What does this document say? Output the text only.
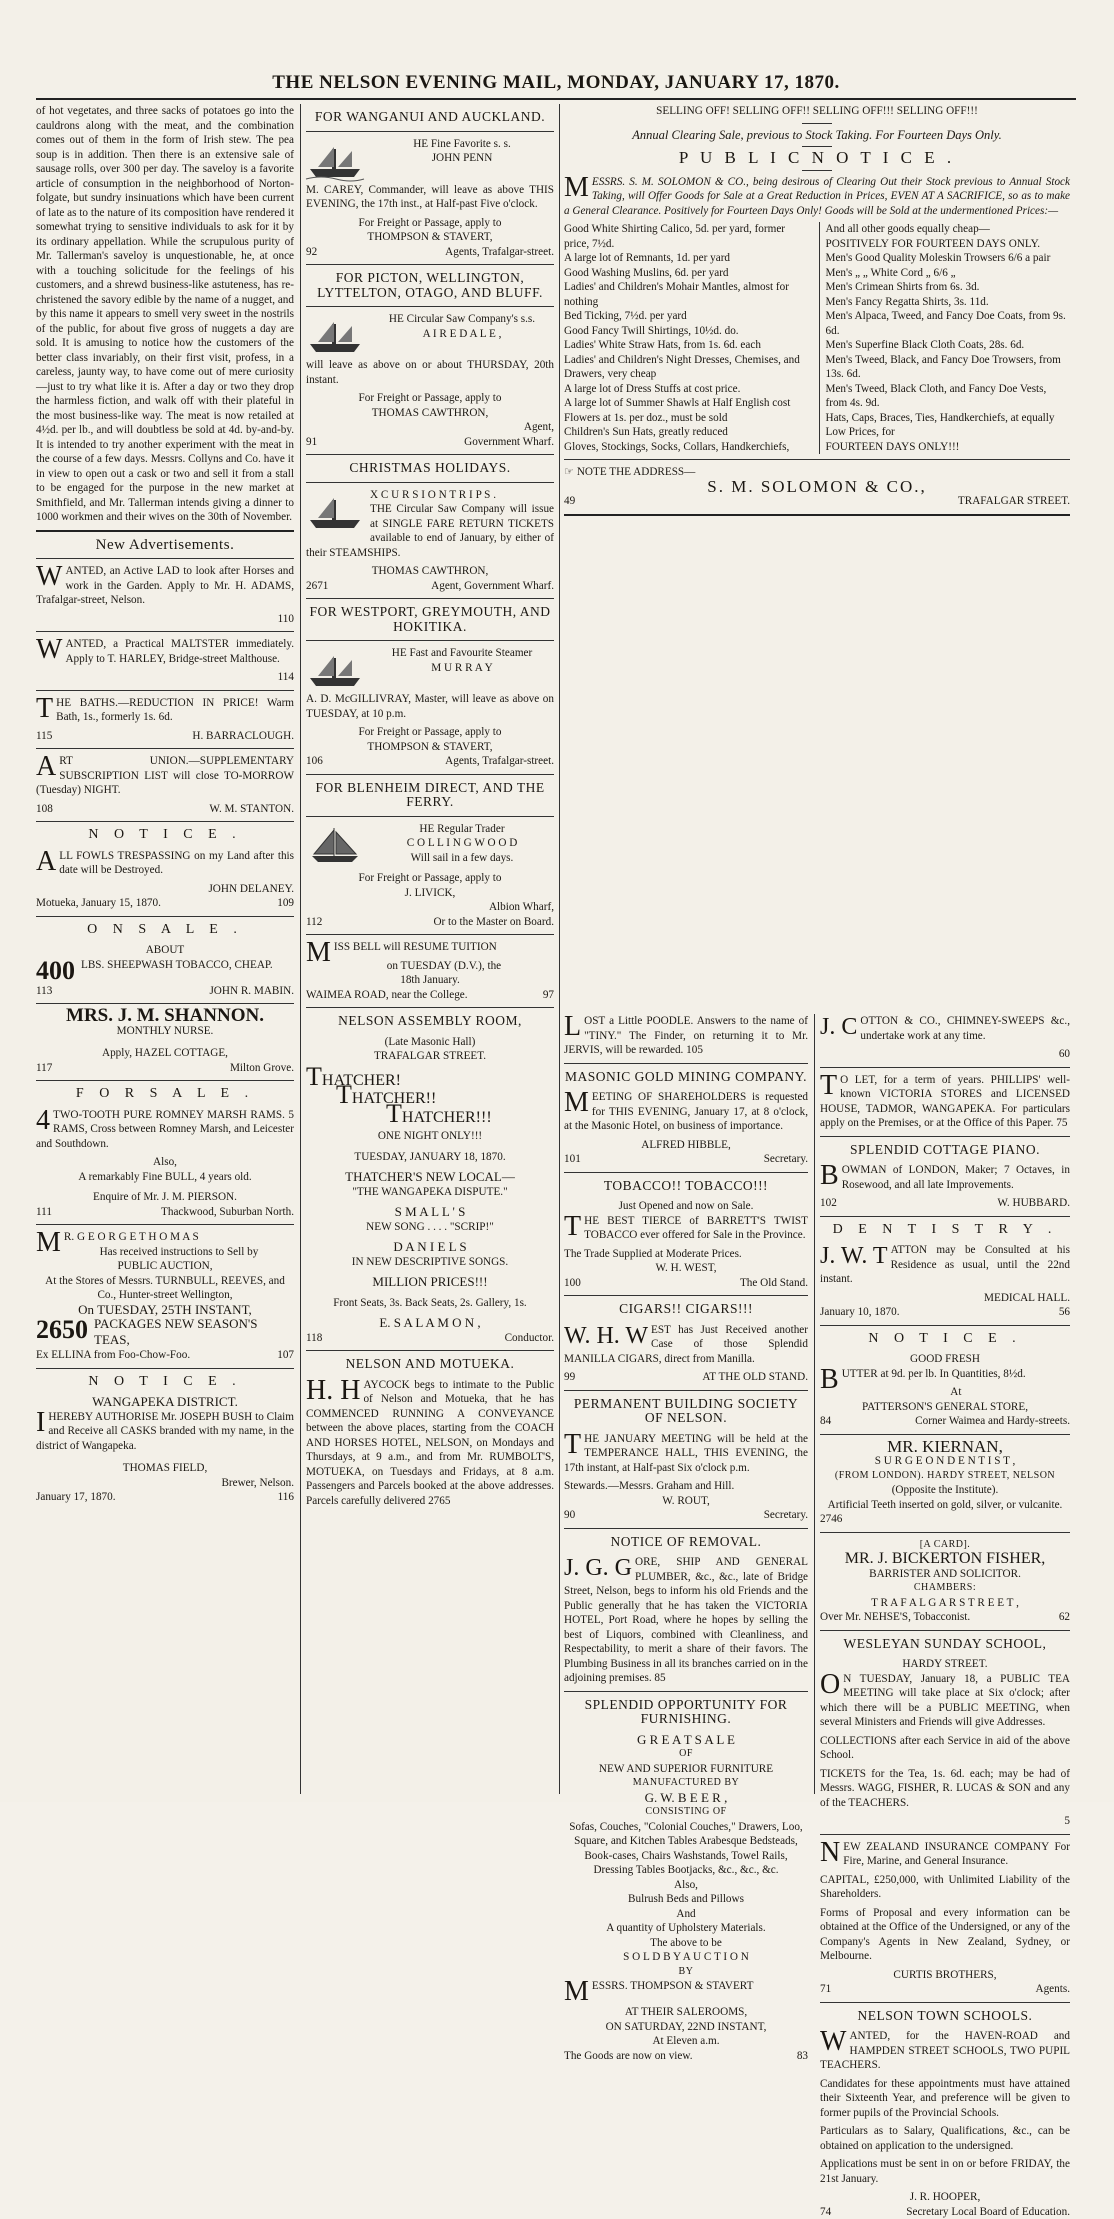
THE NELSON EVENING MAIL, MONDAY, JANUARY 17, 1870.

of hot vegetates, and three sacks of potatoes go into the cauldrons along with the meat, and the combination comes out of them in the form of Irish stew. The pea soup is in addition. Then there is an extensive sale of sausage rolls, over 300 per day. The saveloy is a favorite article of consumption in the neighborhood of Norton-folgate, but sundry insinuations which have been current of late as to the nature of its composition have rendered it somewhat trying to sensitive individuals to ask for it by its ordinary appellation. While the scrupulous purity of Mr. Tallerman's saveloy is unquestionable, he, at once with a touching solicitude for the feelings of his customers, and a shrewd business-like astuteness, has re-christened the savory edible by the name of a nugget, and by this name it appears to smell very sweet in the nostrils of the public, for about five gross of nuggets a day are sold. It is amusing to notice how the customers of the better class invariably, on their first visit, profess, in a careless, jaunty way, to have come out of mere curiosity—just to try what like it is. After a day or two they drop the harmless fiction, and walk off with their plateful in the most business-like way. The meat is now retailed at 4½d. per lb., and will doubtless be sold at 4d. by-and-by. It is intended to try another experiment with the meat in the course of a few days. Messrs. Collyns and Co. have it in view to open out a cask or two and sell it from a stall to be engaged for the purpose in the new market at Smithfield, and Mr. Tallerman intends giving a dinner to 1000 workmen and their wives on the 30th of November.

New Advertisements.

WANTED, an Active LAD to look after Horses and work in the Garden. Apply to Mr. H. ADAMS, Trafalgar-street, Nelson.

110

WANTED, a Practical MALTSTER immediately. Apply to T. HARLEY, Bridge-street Malthouse.

114

THE BATHS.—REDUCTION IN PRICE! Warm Bath, 1s., formerly 1s. 6d.

115	H. BARRACLOUGH.

ART UNION.—SUPPLEMENTARY SUBSCRIPTION LIST will close TO-MORROW (Tuesday) NIGHT.

108	W. M. STANTON.
N O T I C E .

ALL FOWLS TRESPASSING on my Land after this date will be Destroyed.

JOHN DELANEY.
Motueka, January 15, 1870.	109
O N S A L E .
ABOUT
400 LBS. SHEEPWASH TOBACCO, CHEAP.
113	JOHN R. MABIN.
MRS. J. M. SHANNON.
MONTHLY NURSE.
Apply, HAZEL COTTAGE,
117	Milton Grove.
F O R S A L E .

4 TWO-TOOTH PURE ROMNEY MARSH RAMS. 5 RAMS, Cross between Romney Marsh, and Leicester and Southdown.

Also,
A remarkably Fine BULL, 4 years old.
Enquire of Mr. J. M. PIERSON.
111	Thackwood, Suburban North.
M R. G E O R G E T H O M A S
Has received instructions to Sell by
PUBLIC AUCTION,
At the Stores of Messrs. TURNBULL, REEVES, and Co., Hunter-street Wellington,
On TUESDAY, 25TH INSTANT,
2650 PACKAGES NEW SEASON'S TEAS,
Ex ELLINA from Foo-Chow-Foo.	107
N O T I C E .
WANGAPEKA DISTRICT.

IHEREBY AUTHORISE Mr. JOSEPH BUSH to Claim and Receive all CASKS branded with my name, in the district of Wangapeka.

THOMAS FIELD,
Brewer, Nelson.
January 17, 1870.	116
FOR WANGANUI AND AUCKLAND.
HE Fine Favorite s. s.
JOHN PENN

M. CAREY, Commander, will leave as above THIS EVENING, the 17th inst., at Half-past Five o'clock.

For Freight or Passage, apply to
THOMPSON & STAVERT,
92	Agents, Trafalgar-street.
FOR PICTON, WELLINGTON, LYTTELTON, OTAGO, AND BLUFF.
HE Circular Saw Company's s.s.
A I R E D A L E ,

will leave as above on or about THURSDAY, 20th instant.

For Freight or Passage, apply to
THOMAS CAWTHRON,
Agent,
91	Government Wharf.
CHRISTMAS HOLIDAYS.
X C U R S I O N T R I P S .

THE Circular Saw Company will issue at SINGLE FARE RETURN TICKETS available to end of January, by either of their STEAMSHIPS.

THOMAS CAWTHRON,
2671	Agent, Government Wharf.
FOR WESTPORT, GREYMOUTH, AND HOKITIKA.
HE Fast and Favourite Steamer
M U R R A Y

A. D. McGILLIVRAY, Master, will leave as above on TUESDAY, at 10 p.m.

For Freight or Passage, apply to
THOMPSON & STAVERT,
106	Agents, Trafalgar-street.
FOR BLENHEIM DIRECT, AND THE FERRY.
HE Regular Trader
C O L L I N G W O O D
Will sail in a few days.
For Freight or Passage, apply to
J. LIVICK,
Albion Wharf,
112	Or to the Master on Board.

MISS BELL will RESUME TUITION

on TUESDAY (D.V.), the
18th January.
WAIMEA ROAD, near the College.	97
NELSON ASSEMBLY ROOM,
(Late Masonic Hall)
TRAFALGAR STREET.
THATCHER!
THATCHER!!
THATCHER!!!
ONE NIGHT ONLY!!!
TUESDAY, JANUARY 18, 1870.
THATCHER'S NEW LOCAL—
"THE WANGAPEKA DISPUTE."
S M A L L ' S
NEW SONG . . . . "SCRIP!"
D A N I E L S
IN NEW DESCRIPTIVE SONGS.
MILLION PRICES!!!
Front Seats, 3s. Back Seats, 2s. Gallery, 1s.
E. S A L A M O N ,
118	Conductor.
NELSON AND MOTUEKA.

H. H AYCOCK begs to intimate to the Public of Nelson and Motueka, that he has COMMENCED RUNNING A CONVEYANCE between the above places, starting from the COACH AND HORSES HOTEL, NELSON, on Mondays and Thursdays, at 9 a.m., and from Mr. RUMBOLT'S, MOTUEKA, on Tuesdays and Fridays, at 8 a.m. Passengers and Parcels booked at the above addresses. Parcels carefully delivered 2765

SELLING OFF! SELLING OFF!! SELLING OFF!!! SELLING OFF!!!
Annual Clearing Sale, previous to Stock Taking. For Fourteen Days Only.
P U B L I C N O T I C E .

MESSRS. S. M. SOLOMON & CO., being desirous of Clearing Out their Stock previous to Annual Stock Taking, will Offer Goods for Sale at a Great Reduction in Prices, EVEN AT A SACRIFICE, so as to make a General Clearance. Positively for Fourteen Days Only! Goods will be Sold at the undermentioned Prices:—

Good White Shirting Calico, 5d. per yard, former price, 7½d.
A large lot of Remnants, 1d. per yard
Good Washing Muslins, 6d. per yard
Ladies' and Children's Mohair Mantles, almost for nothing
Bed Ticking, 7½d. per yard
Good Fancy Twill Shirtings, 10½d. do.
Ladies' White Straw Hats, from 1s. 6d. each
Ladies' and Children's Night Dresses, Chemises, and Drawers, very cheap
A large lot of Dress Stuffs at cost price.
A large lot of Summer Shawls at Half English cost
Flowers at 1s. per doz., must be sold
Children's Sun Hats, greatly reduced
Gloves, Stockings, Socks, Collars, Handkerchiefs,
And all other goods equally cheap—
POSITIVELY FOR FOURTEEN DAYS ONLY.
Men's Good Quality Moleskin Trowsers 6/6 a pair
Men's „ „ White Cord „ 6/6 „
Men's Crimean Shirts from 6s. 3d.
Men's Fancy Regatta Shirts, 3s. 11d.
Men's Alpaca, Tweed, and Fancy Doe Coats, from 9s. 6d.
Men's Superfine Black Cloth Coats, 28s. 6d.
Men's Tweed, Black, and Fancy Doe Trowsers, from 13s. 6d.
Men's Tweed, Black Cloth, and Fancy Doe Vests, from 4s. 9d.
Hats, Caps, Braces, Ties, Handkerchiefs, at equally Low Prices, for
FOURTEEN DAYS ONLY!!!
☞ NOTE THE ADDRESS—
S. M. SOLOMON & CO.,
49	TRAFALGAR STREET.

LOST a Little POODLE. Answers to the name of "TINY." The Finder, on returning it to Mr. JERVIS, will be rewarded. 105

MASONIC GOLD MINING COMPANY.

MEETING OF SHAREHOLDERS is requested for THIS EVENING, January 17, at 8 o'clock, at the Masonic Hotel, on business of importance.

ALFRED HIBBLE,
101	Secretary.
TOBACCO!! TOBACCO!!!
Just Opened and now on Sale.

THE BEST TIERCE of BARRETT'S TWIST TOBACCO ever offered for Sale in the Province.

The Trade Supplied at Moderate Prices.
W. H. WEST,
100	The Old Stand.
CIGARS!! CIGARS!!!

W. H. W EST has Just Received another Case of those Splendid MANILLA CIGARS, direct from Manilla.

99	AT THE OLD STAND.
PERMANENT BUILDING SOCIETY OF NELSON.

THE JANUARY MEETING will be held at the TEMPERANCE HALL, THIS EVENING, the 17th instant, at Half-past Six o'clock p.m.

Stewards.—Messrs. Graham and Hill.
W. ROUT,
90	Secretary.
NOTICE OF REMOVAL.

J. G. G ORE, SHIP AND GENERAL PLUMBER, &c., &c., late of Bridge Street, Nelson, begs to inform his old Friends and the Public generally that he has taken the VICTORIA HOTEL, Port Road, where he hopes by selling the best of Liquors, combined with Cleanliness, and Respectability, to merit a share of their favors. The Plumbing Business in all its branches carried on in the adjoining premises. 85

SPLENDID OPPORTUNITY FOR FURNISHING.
G R E A T S A L E
OF
NEW AND SUPERIOR FURNITURE
MANUFACTURED BY
G. W. B E E R ,
CONSISTING OF
Sofas, Couches, "Colonial Couches," Drawers, Loo, Square, and Kitchen Tables Arabesque Bedsteads, Book-cases, Chairs Washstands, Towel Rails, Dressing Tables Bootjacks, &c., &c., &c.
Also,
Bulrush Beds and Pillows
And
A quantity of Upholstery Materials.
The above to be
S O L D B Y A U C T I O N
BY
MESSRS. THOMPSON & STAVERT
AT THEIR SALEROOMS,
ON SATURDAY, 22ND INSTANT,
At Eleven a.m.
The Goods are now on view.	83

J. C OTTON & CO., CHIMNEY-SWEEPS &c., undertake work at any time.

60

T O LET, for a term of years. PHILLIPS' well-known VICTORIA STORES and LICENSED HOUSE, TADMOR, WANGAPEKA. For particulars apply on the Premises, or at the Office of this Paper. 75

SPLENDID COTTAGE PIANO.

BOWMAN of LONDON, Maker; 7 Octaves, in Rosewood, and all late Improvements.

102	W. HUBBARD.
D E N T I S T R Y .

J. W. T ATTON may be Consulted at his Residence as usual, until the 22nd instant.

MEDICAL HALL.
January 10, 1870.	56
N O T I C E .
GOOD FRESH

BUTTER at 9d. per lb. In Quantities, 8½d.

At
PATTERSON'S GENERAL STORE,
84	Corner Waimea and Hardy-streets.
MR. KIERNAN,
S U R G E O N D E N T I S T ,
(FROM LONDON). HARDY STREET, NELSON
(Opposite the Institute).
Artificial Teeth inserted on gold, silver, or vulcanite.
2746
[A CARD].
MR. J. BICKERTON FISHER,
BARRISTER AND SOLICITOR.
CHAMBERS:
T R A F A L G A R S T R E E T ,
Over Mr. NEHSE'S, Tobacconist.	62
WESLEYAN SUNDAY SCHOOL,
HARDY STREET.

O N TUESDAY, January 18, a PUBLIC TEA MEETING will take place at Six o'clock; after which there will be a PUBLIC MEETING, when several Ministers and Friends will give Addresses.

COLLECTIONS after each Service in aid of the above School.

TICKETS for the Tea, 1s. 6d. each; may be had of Messrs. WAGG, FISHER, R. LUCAS & SON and any of the TEACHERS.

5

NEW ZEALAND INSURANCE COMPANY For Fire, Marine, and General Insurance.

CAPITAL, £250,000, with Unlimited Liability of the Shareholders.

Forms of Proposal and every information can be obtained at the Office of the Undersigned, or any of the Company's Agents in New Zealand, Sydney, or Melbourne.

CURTIS BROTHERS,
71	Agents.
NELSON TOWN SCHOOLS.

WANTED, for the HAVEN-ROAD and HAMPDEN STREET SCHOOLS, TWO PUPIL TEACHERS.

Candidates for these appointments must have attained their Sixteenth Year, and preference will be given to former pupils of the Provincial Schools.

Particulars as to Salary, Qualifications, &c., can be obtained on application to the undersigned.

Applications must be sent in on or before FRIDAY, the 21st January.

J. R. HOOPER,
74	Secretary Local Board of Education.
